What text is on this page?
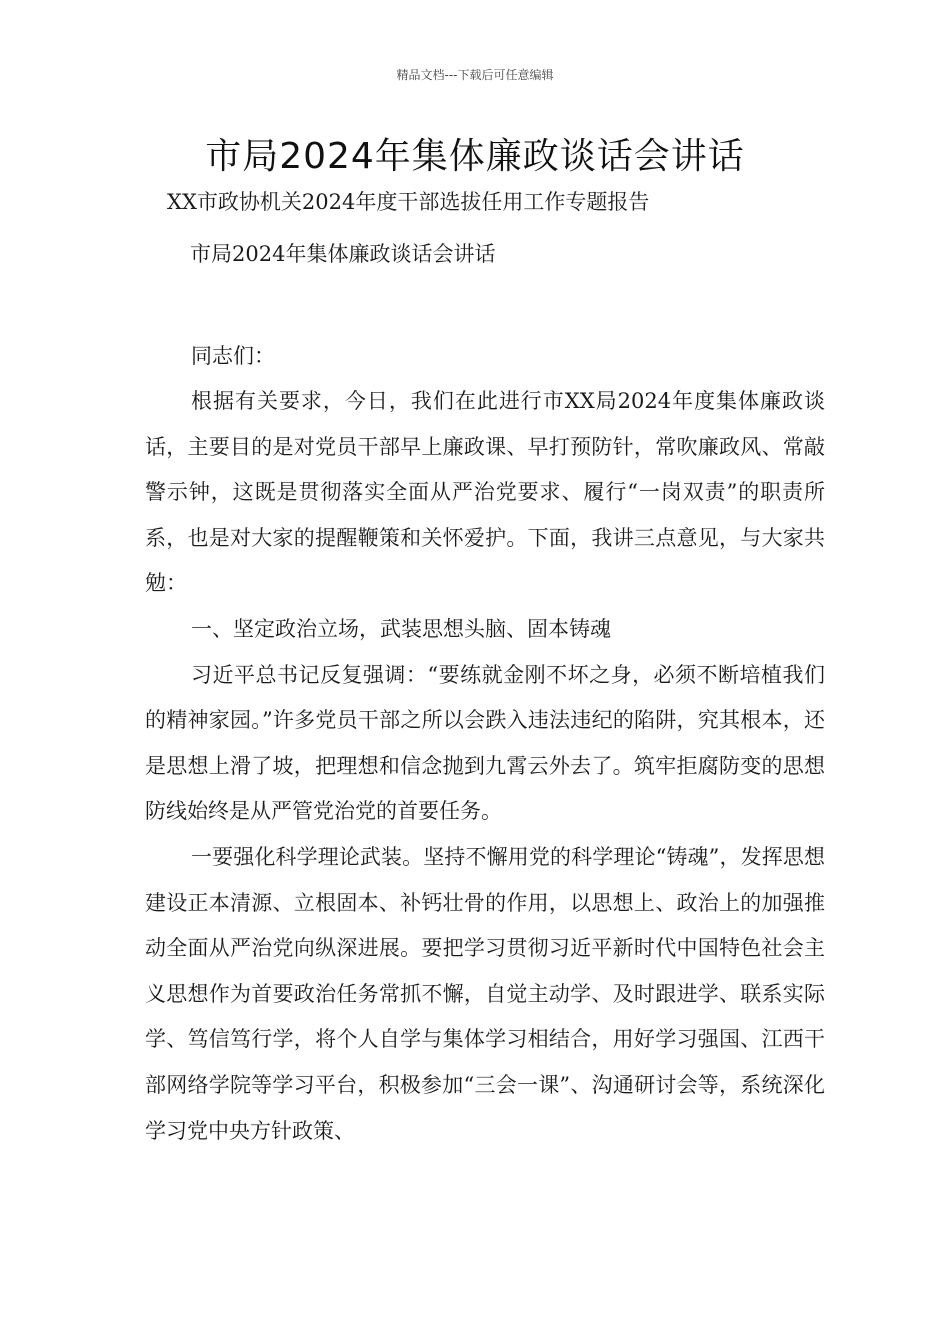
精品文档---下载后可任意编辑
市局2024年集体廉政谈话会讲话
XX市政协机关2024年度干部选拔任用工作专题报告
市局2024年集体廉政谈话会讲话

同志们：

根据有关要求，今日，我们在此进行市XX局2024年度集体廉政谈话，主要目的是对党员干部早上廉政课、早打预防针，常吹廉政风、常敲警示钟，这既是贯彻落实全面从严治党要求、履行“一岗双责”的职责所系，也是对大家的提醒鞭策和关怀爱护。下面，我讲三点意见，与大家共勉：

一、坚定政治立场，武装思想头脑、固本铸魂

习近平总书记反复强调：“要练就金刚不坏之身，必须不断培植我们的精神家园。”许多党员干部之所以会跌入违法违纪的陷阱，究其根本，还是思想上滑了坡，把理想和信念抛到九霄云外去了。筑牢拒腐防变的思想防线始终是从严管党治党的首要任务。

一要强化科学理论武装。坚持不懈用党的科学理论“铸魂”，发挥思想建设正本清源、立根固本、补钙壮骨的作用，以思想上、政治上的加强推动全面从严治党向纵深进展。要把学习贯彻习近平新时代中国特色社会主义思想作为首要政治任务常抓不懈，自觉主动学、及时跟进学、联系实际学、笃信笃行学，将个人自学与集体学习相结合，用好学习强国、江西干部网络学院等学习平台，积极参加“三会一课”、沟通研讨会等，系统深化学习党中央方针政策、
